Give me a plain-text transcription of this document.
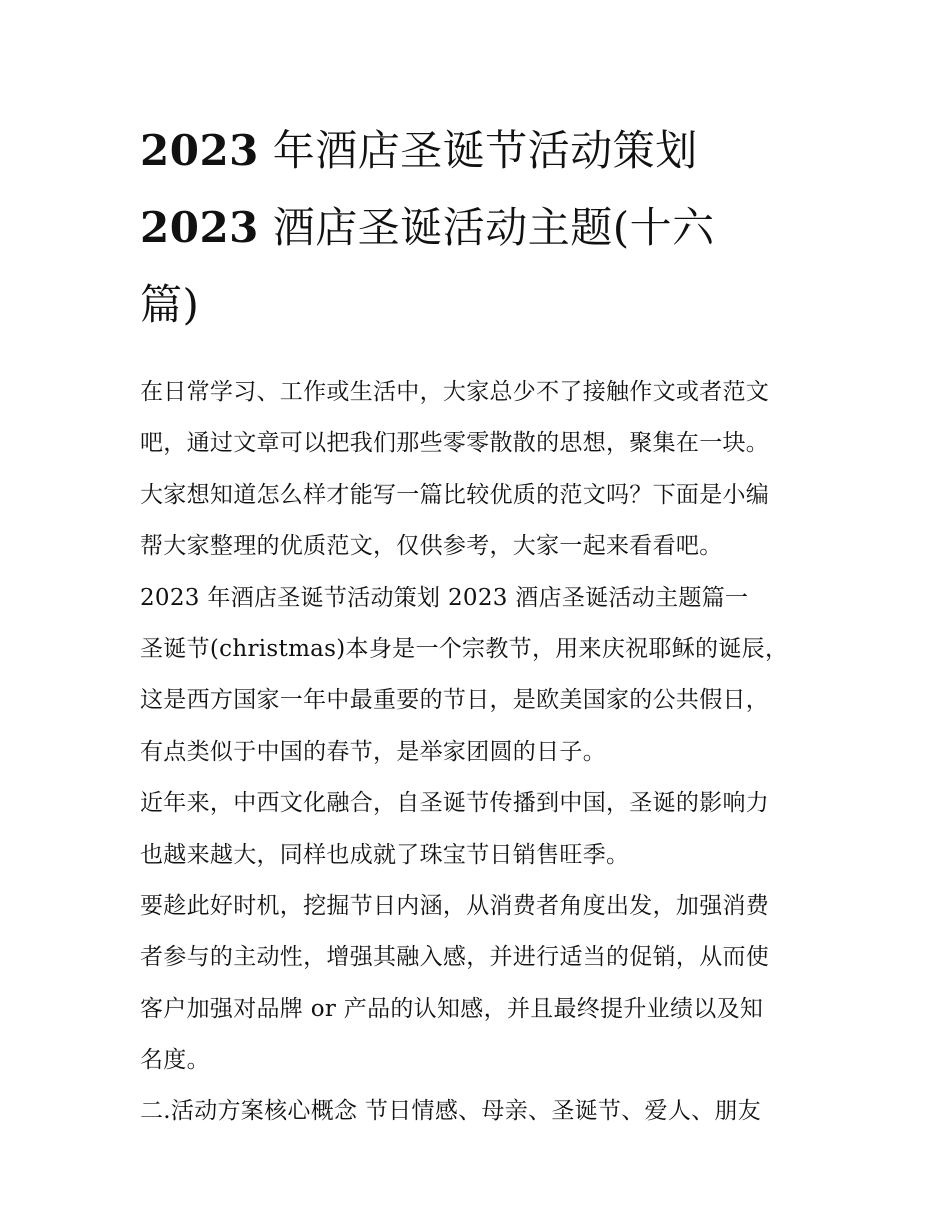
2023 年酒店圣诞节活动策划
2023 酒店圣诞活动主题(十六
篇)
在日常学习、工作或生活中，大家总少不了接触作文或者范文
吧，通过文章可以把我们那些零零散散的思想，聚集在一块。
大家想知道怎么样才能写一篇比较优质的范文吗？下面是小编
帮大家整理的优质范文，仅供参考，大家一起来看看吧。
2023 年酒店圣诞节活动策划 2023 酒店圣诞活动主题篇一
圣诞节(christmas)本身是一个宗教节，用来庆祝耶稣的诞辰，
这是西方国家一年中最重要的节日，是欧美国家的公共假日，
有点类似于中国的春节，是举家团圆的日子。
近年来，中西文化融合，自圣诞节传播到中国，圣诞的影响力
也越来越大，同样也成就了珠宝节日销售旺季。
要趁此好时机，挖掘节日内涵，从消费者角度出发，加强消费
者参与的主动性，增强其融入感，并进行适当的促销，从而使
客户加强对品牌 or 产品的认知感，并且最终提升业绩以及知
名度。
二.活动方案核心概念 节日情感、母亲、圣诞节、爱人、朋友
